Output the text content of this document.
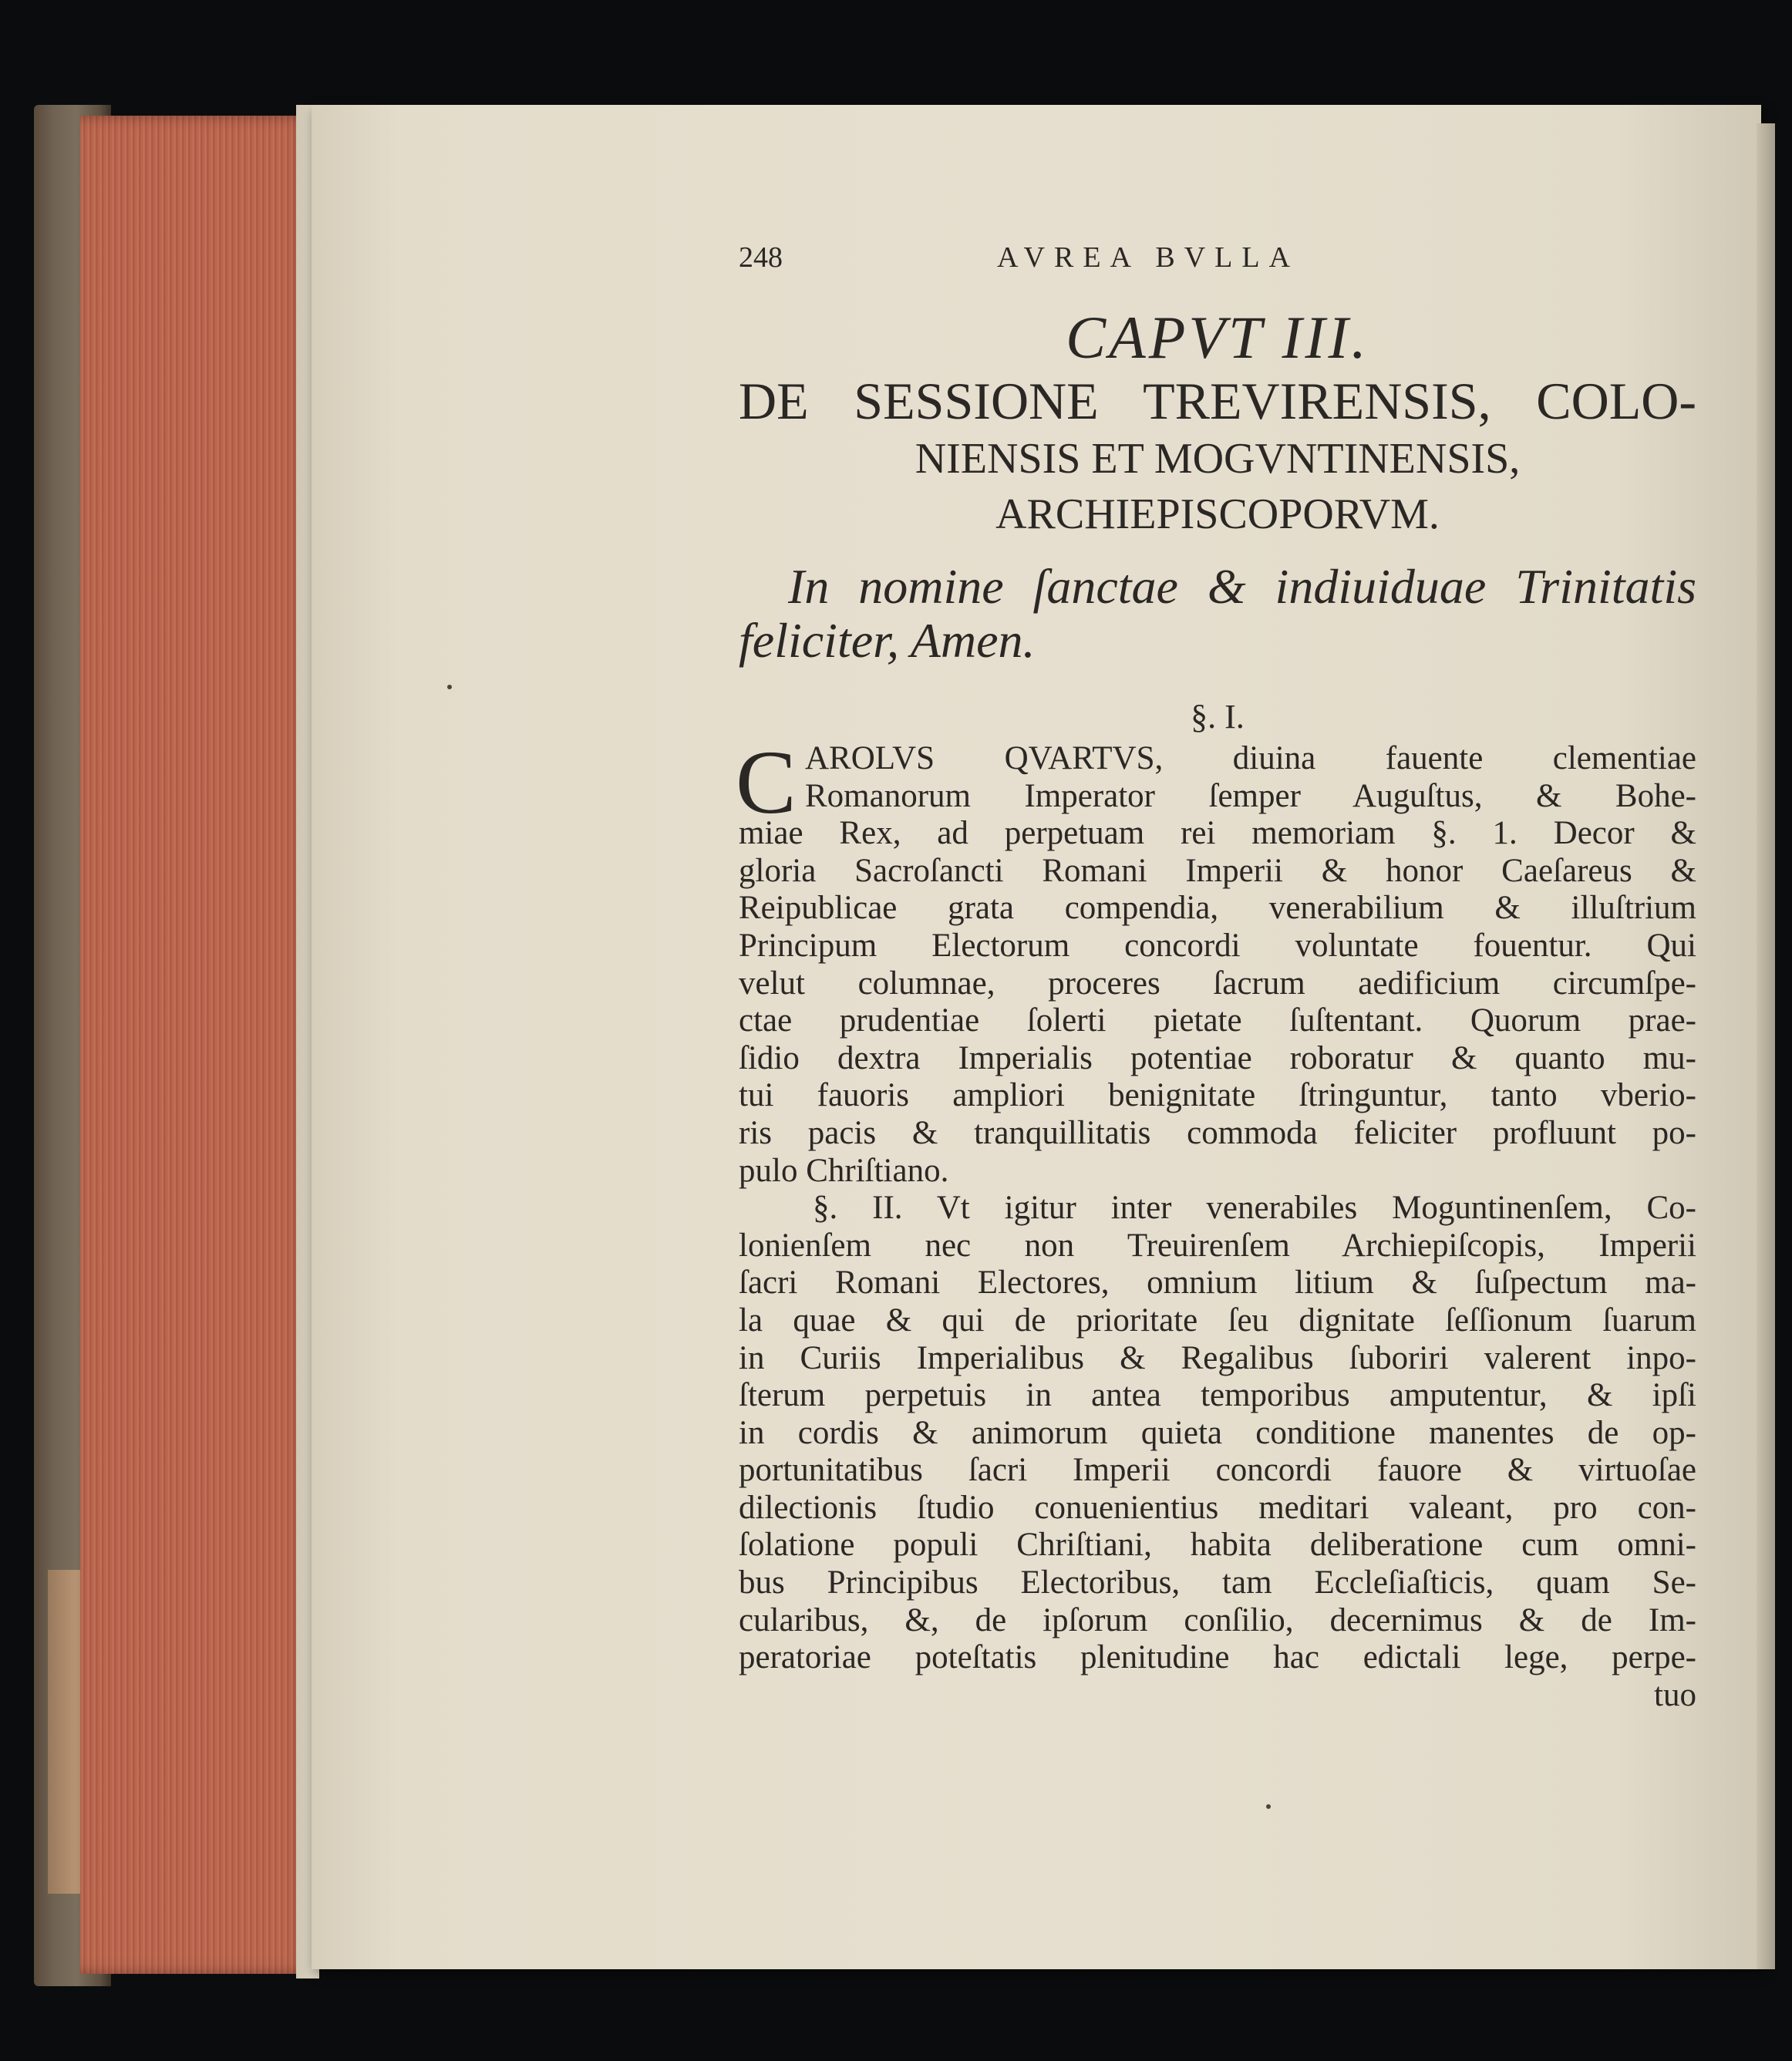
248	AVREA BVLLA
CAPVT III.
DE SESSIONE TREVIRENSIS, COLO-
NIENSIS ET MOGVNTINENSIS,
ARCHIEPISCOPORVM.
In nomine ſanctae & indiuiduae Trinitatis
feliciter, Amen.
§. I.
C AROLVS QVARTVS, diuina fauente clementiae
Romanorum Imperator ſemper Auguſtus, & Bohe-
miae Rex, ad perpetuam rei memoriam §. 1. Decor &
gloria Sacroſancti Romani Imperii & honor Caeſareus &
Reipublicae grata compendia, venerabilium & illuſtrium
Principum Electorum concordi voluntate fouentur. Qui
velut columnae, proceres ſacrum aedificium circumſpe-
ctae prudentiae ſolerti pietate ſuſtentant. Quorum prae-
ſidio dextra Imperialis potentiae roboratur & quanto mu-
tui fauoris ampliori benignitate ſtringuntur, tanto vberio-
ris pacis & tranquillitatis commoda feliciter profluunt po-
pulo Chriſtiano.
§. II. Vt igitur inter venerabiles Moguntinenſem, Co-
lonienſem nec non Treuirenſem Archiepiſcopis, Imperii
ſacri Romani Electores, omnium litium & ſuſpectum ma-
la quae & qui de prioritate ſeu dignitate ſeſſionum ſuarum
in Curiis Imperialibus & Regalibus ſuboriri valerent inpo-
ſterum perpetuis in antea temporibus amputentur, & ipſi
in cordis & animorum quieta conditione manentes de op-
portunitatibus ſacri Imperii concordi fauore & virtuoſae
dilectionis ſtudio conuenientius meditari valeant, pro con-
ſolatione populi Chriſtiani, habita deliberatione cum omni-
bus Principibus Electoribus, tam Eccleſiaſticis, quam Se-
cularibus, &, de ipſorum conſilio, decernimus & de Im-
peratoriae poteſtatis plenitudine hac edictali lege, perpe-
tuo
